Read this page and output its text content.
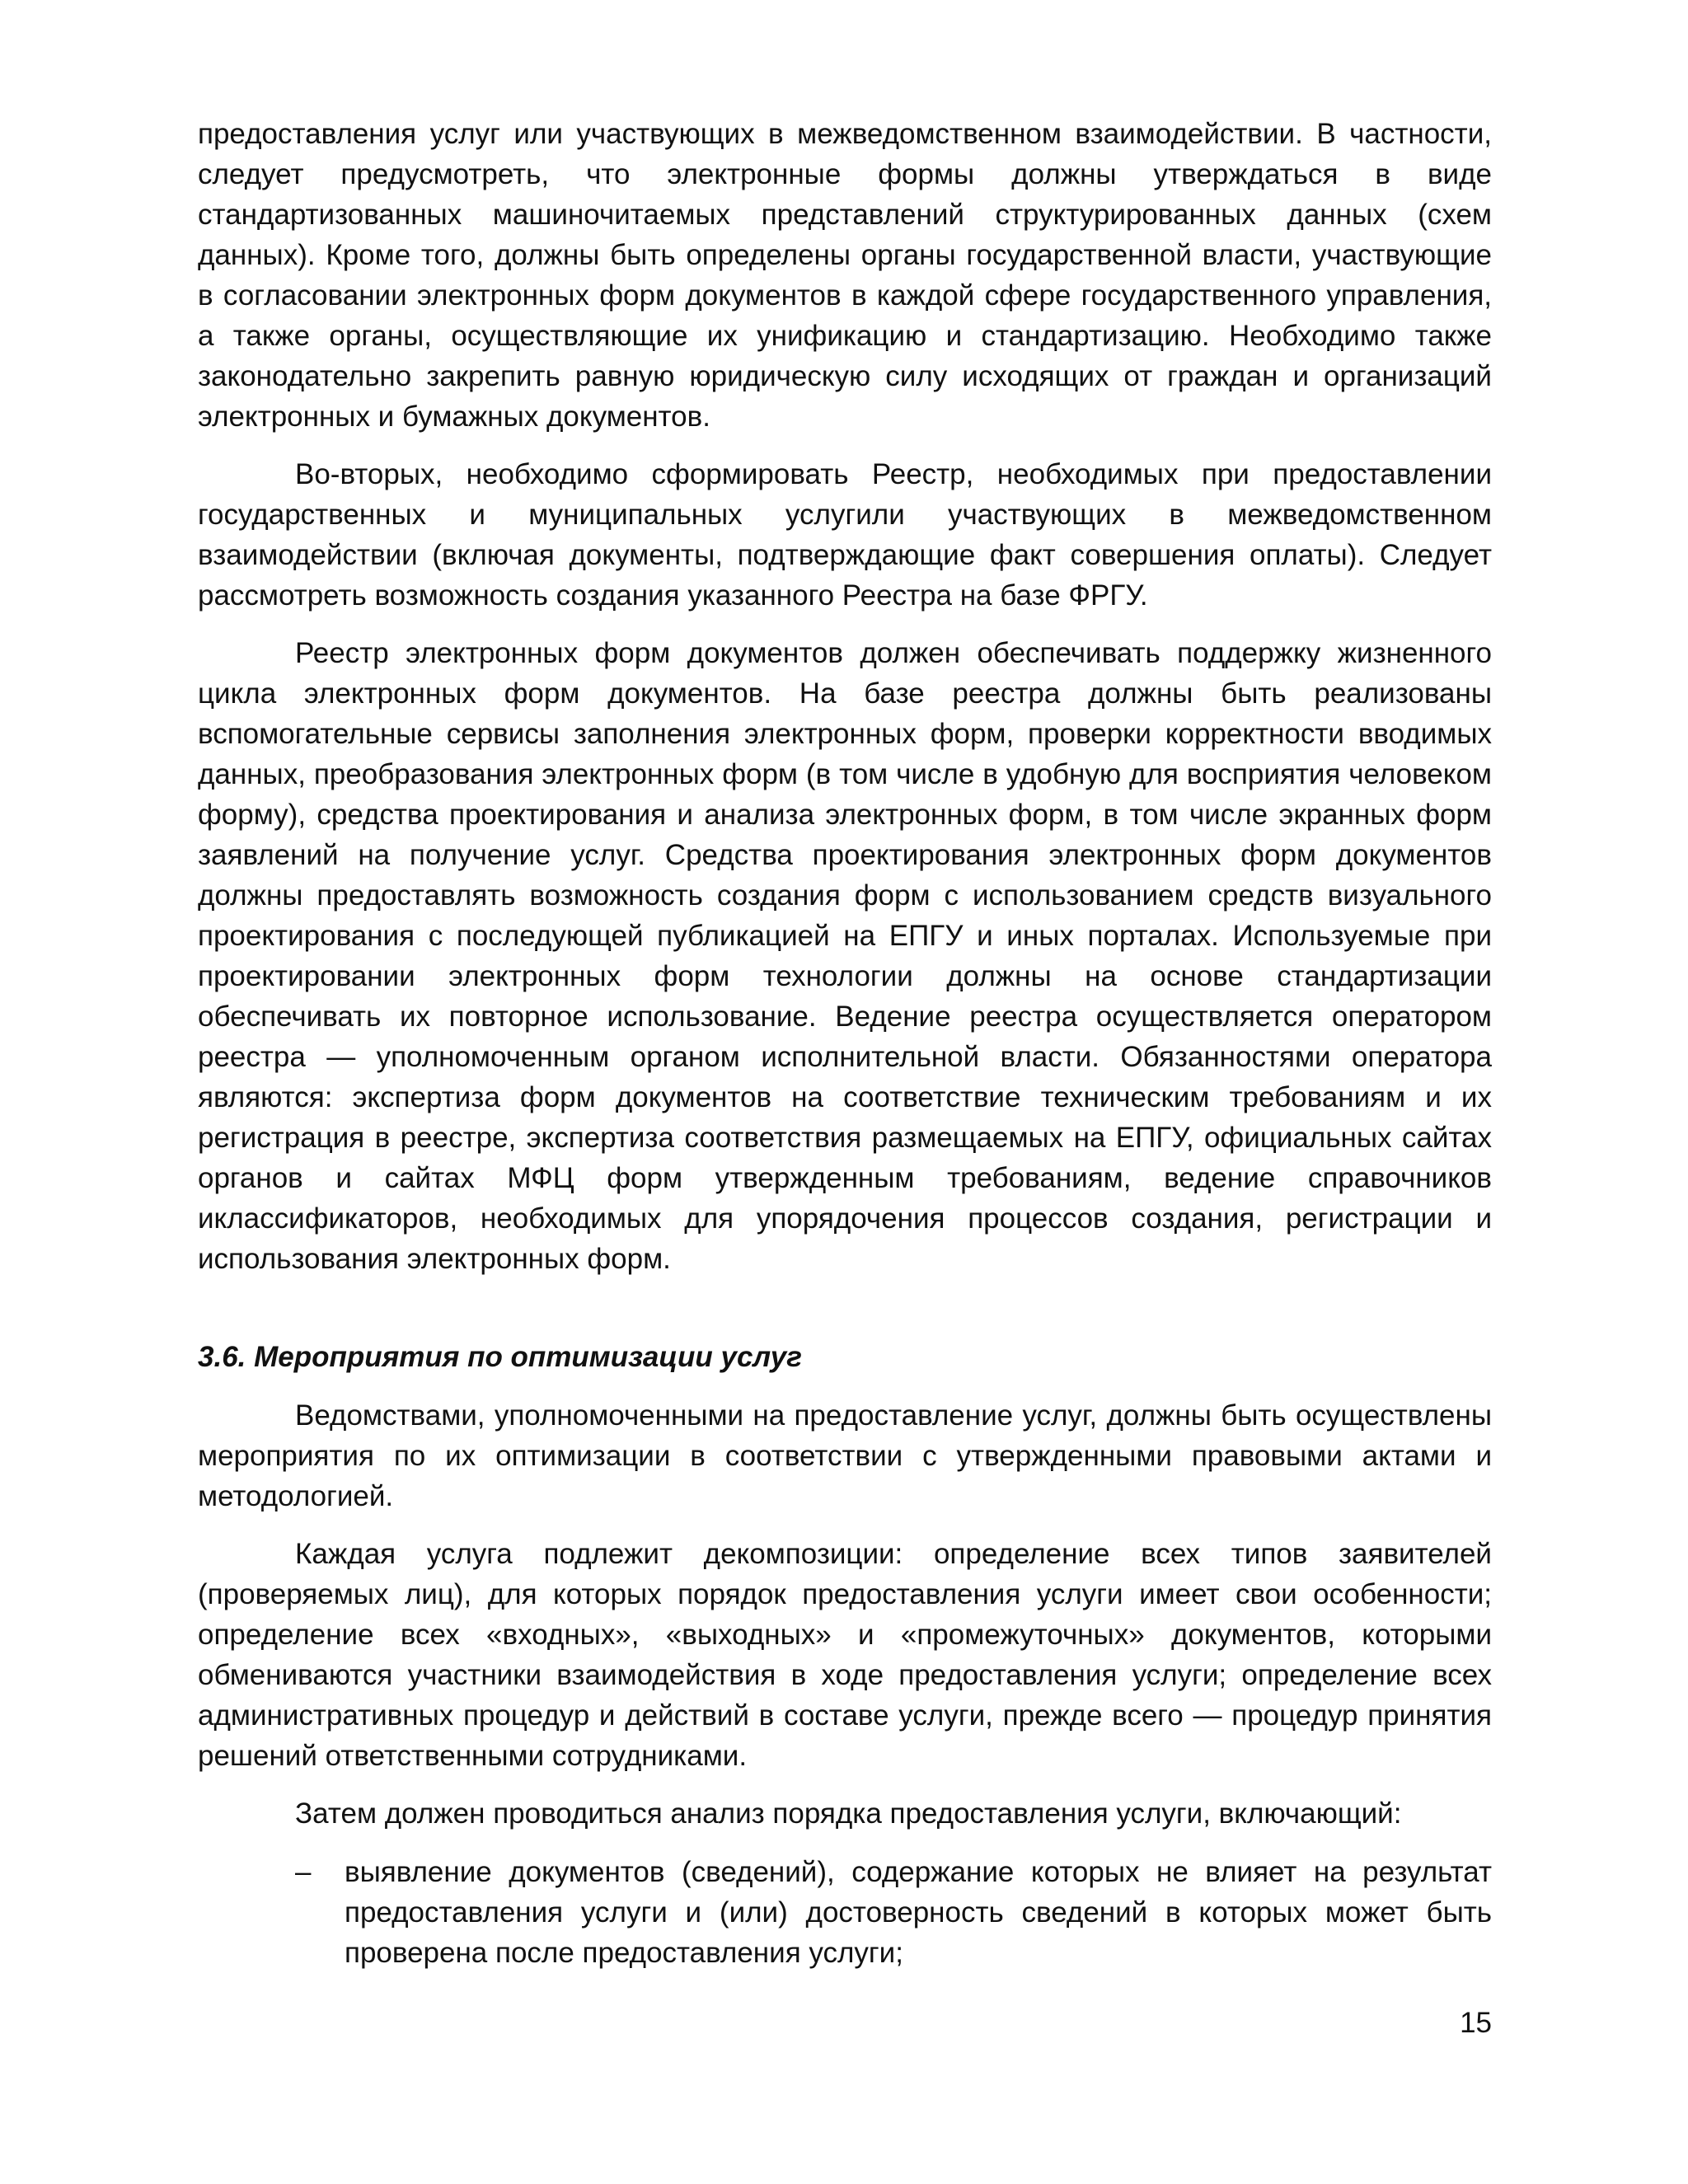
предоставления услуг или участвующих в межведомственном взаимодействии. В частности, следует предусмотреть, что электронные формы должны утверждаться в виде стандартизованных машиночитаемых представлений структурированных данных (схем данных). Кроме того, должны быть определены органы государственной власти, участвующие в согласовании электронных форм документов в каждой сфере государственного управления, а также органы, осуществляющие их унификацию и стандартизацию. Необходимо также законодательно закрепить равную юридическую силу исходящих от граждан и организаций электронных и бумажных документов.

Во-вторых, необходимо сформировать Реестр, необходимых при предоставлении государственных и муниципальных услугили участвующих в межведомственном взаимодействии (включая документы, подтверждающие факт совершения оплаты). Следует рассмотреть возможность создания указанного Реестра на базе ФРГУ.

Реестр электронных форм документов должен обеспечивать поддержку жизненного цикла электронных форм документов. На базе реестра должны быть реализованы вспомогательные сервисы заполнения электронных форм, проверки корректности вводимых данных, преобразования электронных форм (в том числе в удобную для восприятия человеком форму), средства проектирования и анализа электронных форм, в том числе экранных форм заявлений на получение услуг. Средства проектирования электронных форм документов должны предоставлять возможность создания форм с использованием средств визуального проектирования с последующей публикацией на ЕПГУ и иных порталах. Используемые при проектировании электронных форм технологии должны на основе стандартизации обеспечивать их повторное использование. Ведение реестра осуществляется оператором реестра — уполномоченным органом исполнительной власти. Обязанностями оператора являются: экспертиза форм документов на соответствие техническим требованиям и их регистрация в реестре, экспертиза соответствия размещаемых на ЕПГУ, официальных сайтах органов и сайтах МФЦ форм утвержденным требованиям, ведение справочников иклассификаторов, необходимых для упорядочения процессов создания, регистрации и использования электронных форм.

3.6. Мероприятия по оптимизации услуг

Ведомствами, уполномоченными на предоставление услуг, должны быть осуществлены мероприятия по их оптимизации в соответствии с утвержденными правовыми актами и методологией.

Каждая услуга подлежит декомпозиции: определение всех типов заявителей (проверяемых лиц), для которых порядок предоставления услуги имеет свои особенности; определение всех «входных», «выходных» и «промежуточных» документов, которыми обмениваются участники взаимодействия в ходе предоставления услуги; определение всех административных процедур и действий в составе услуги, прежде всего — процедур принятия решений ответственными сотрудниками.

Затем должен проводиться анализ порядка предоставления услуги, включающий:

– выявление документов (сведений), содержание которых не влияет на результат предоставления услуги и (или) достоверность сведений в которых может быть проверена после предоставления услуги;

15
